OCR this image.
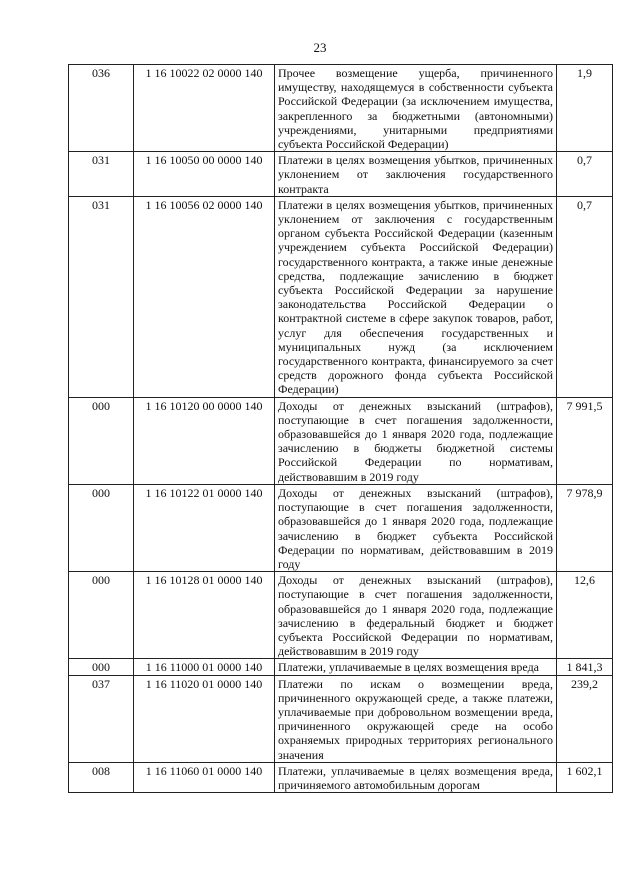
23
036	1 16 10022 02 0000 140	Прочее возмещение ущерба, причиненного имуществу, находящемуся в собственности субъекта Российской Федерации (за исключением имущества, закрепленного за бюджетными (автономными) учреждениями, унитарными предприятиями субъекта Российской Федерации)	1,9
031	1 16 10050 00 0000 140	Платежи в целях возмещения убытков, причиненных уклонением от заключения государственного контракта	0,7
031	1 16 10056 02 0000 140	Платежи в целях возмещения убытков, причиненных уклонением от заключения с государственным органом субъекта Российской Федерации (казенным учреждением субъекта Российской Федерации) государственного контракта, а также иные денежные средства, подлежащие зачислению в бюджет субъекта Российской Федерации за нарушение законодательства Российской Федерации о контрактной системе в сфере закупок товаров, работ, услуг для обеспечения государственных и муниципальных нужд (за исключением государственного контракта, финансируемого за счет средств дорожного фонда субъекта Российской Федерации)	0,7
000	1 16 10120 00 0000 140	Доходы от денежных взысканий (штрафов), поступающие в счет погашения задолженности, образовавшейся до 1 января 2020 года, подлежащие зачислению в бюджеты бюджетной системы Российской Федерации по нормативам, действовавшим в 2019 году	7 991,5
000	1 16 10122 01 0000 140	Доходы от денежных взысканий (штрафов), поступающие в счет погашения задолженности, образовавшейся до 1 января 2020 года, подлежащие зачислению в бюджет субъекта Российской Федерации по нормативам, действовавшим в 2019 году	7 978,9
000	1 16 10128 01 0000 140	Доходы от денежных взысканий (штрафов), поступающие в счет погашения задолженности, образовавшейся до 1 января 2020 года, подлежащие зачислению в федеральный бюджет и бюджет субъекта Российской Федерации по нормативам, действовавшим в 2019 году	12,6
000	1 16 11000 01 0000 140	Платежи, уплачиваемые в целях возмещения вреда	1 841,3
037	1 16 11020 01 0000 140	Платежи по искам о возмещении вреда, причиненного окружающей среде, а также платежи, уплачиваемые при добровольном возмещении вреда, причиненного окружающей среде на особо охраняемых природных территориях регионального значения	239,2
008	1 16 11060 01 0000 140	Платежи, уплачиваемые в целях возмещения вреда, причиняемого автомобильным дорогам	1 602,1
